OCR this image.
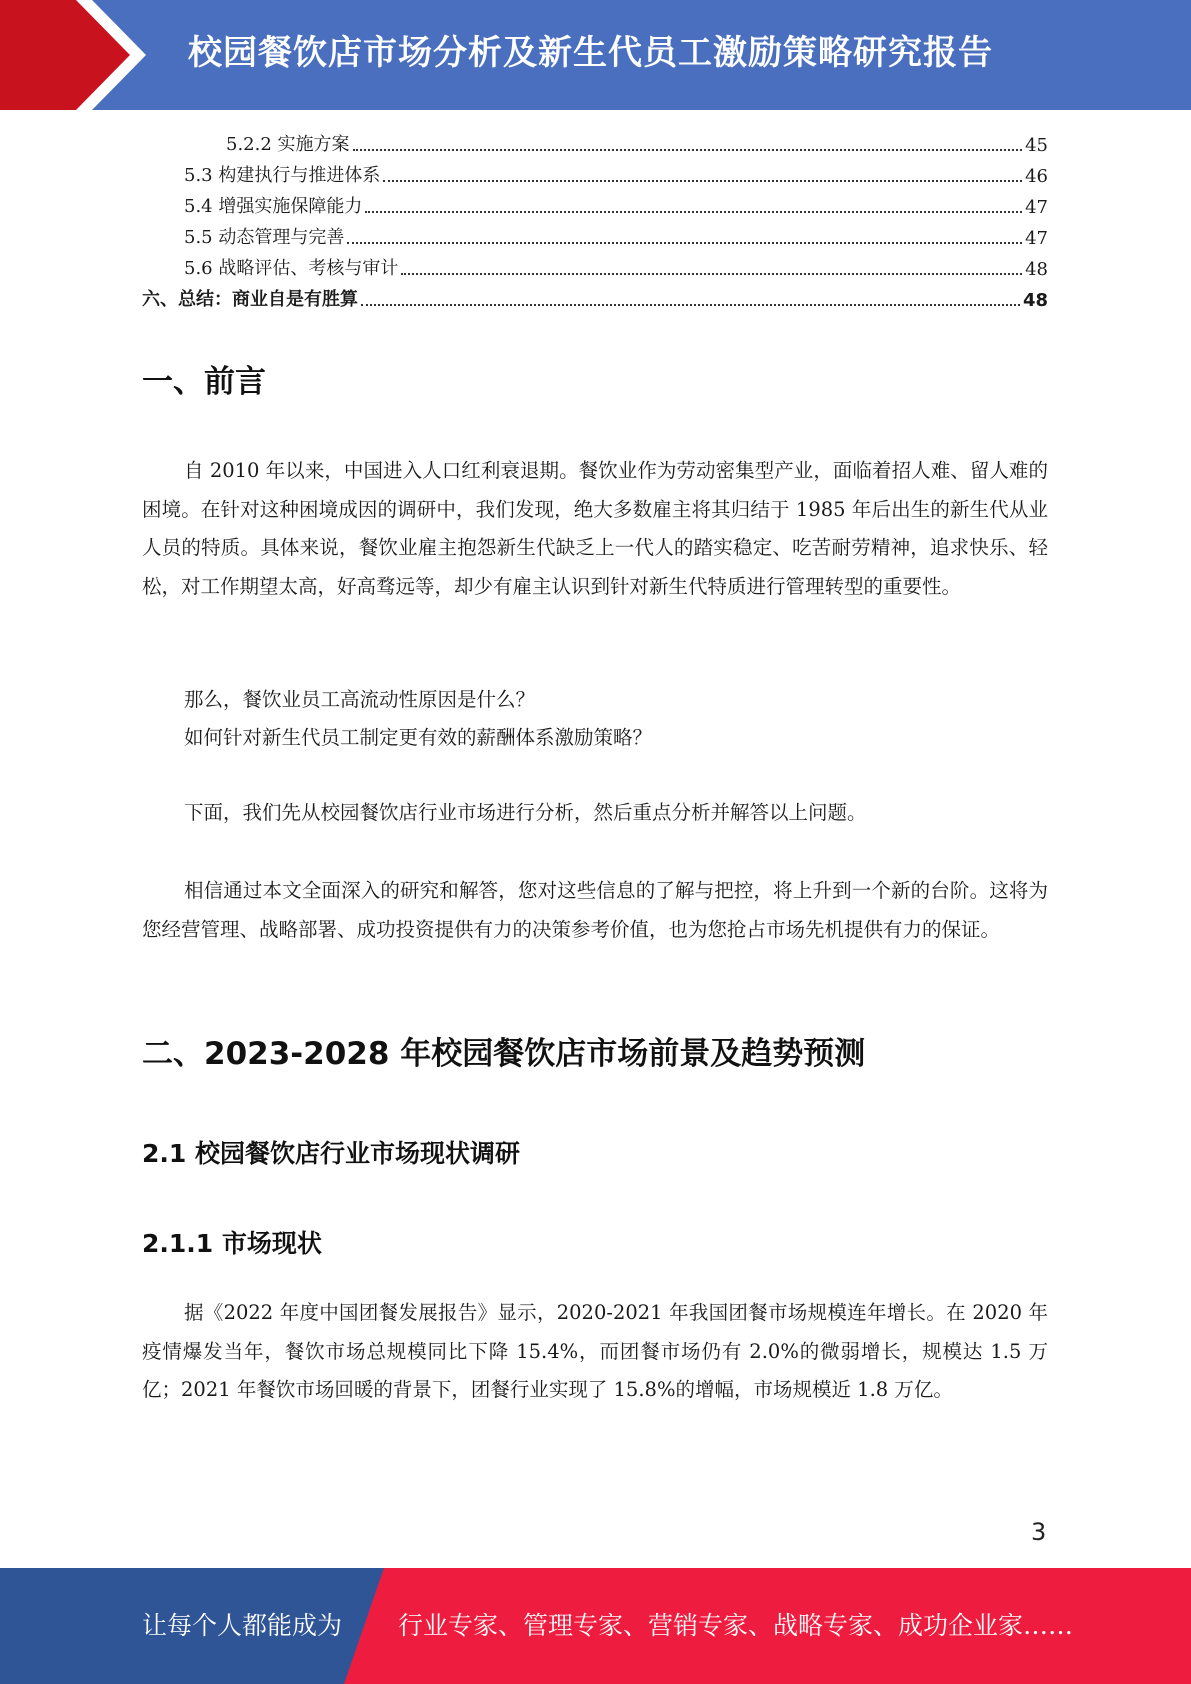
校园餐饮店市场分析及新生代员工激励策略研究报告
5.2.2 实施方案	45
5.3 构建执行与推进体系	46
5.4 增强实施保障能力	47
5.5 动态管理与完善	47
5.6 战略评估、考核与审计	48
六、总结：商业自是有胜算	48
一、前言

自 2010 年以来，中国进入人口红利衰退期。餐饮业作为劳动密集型产业，面临着招人难、留人难的困境。在针对这种困境成因的调研中，我们发现，绝大多数雇主将其归结于 1985 年后出生的新生代从业人员的特质。具体来说，餐饮业雇主抱怨新生代缺乏上一代人的踏实稳定、吃苦耐劳精神，追求快乐、轻松，对工作期望太高，好高骛远等，却少有雇主认识到针对新生代特质进行管理转型的重要性。

那么，餐饮业员工高流动性原因是什么？
如何针对新生代员工制定更有效的薪酬体系激励策略？
下面，我们先从校园餐饮店行业市场进行分析，然后重点分析并解答以上问题。

相信通过本文全面深入的研究和解答，您对这些信息的了解与把控，将上升到一个新的台阶。这将为您经营管理、战略部署、成功投资提供有力的决策参考价值，也为您抢占市场先机提供有力的保证。

二、2023-2028 年校园餐饮店市场前景及趋势预测
2.1 校园餐饮店行业市场现状调研
2.1.1 市场现状

据《2022 年度中国团餐发展报告》显示，2020-2021 年我国团餐市场规模连年增长。在 2020 年疫情爆发当年，餐饮市场总规模同比下降 15.4%，而团餐市场仍有 2.0%的微弱增长，规模达 1.5 万亿；2021 年餐饮市场回暖的背景下，团餐行业实现了 15.8%的增幅，市场规模近 1.8 万亿。

3
让每个人都能成为 行业专家、管理专家、营销专家、战略专家、成功企业家……
